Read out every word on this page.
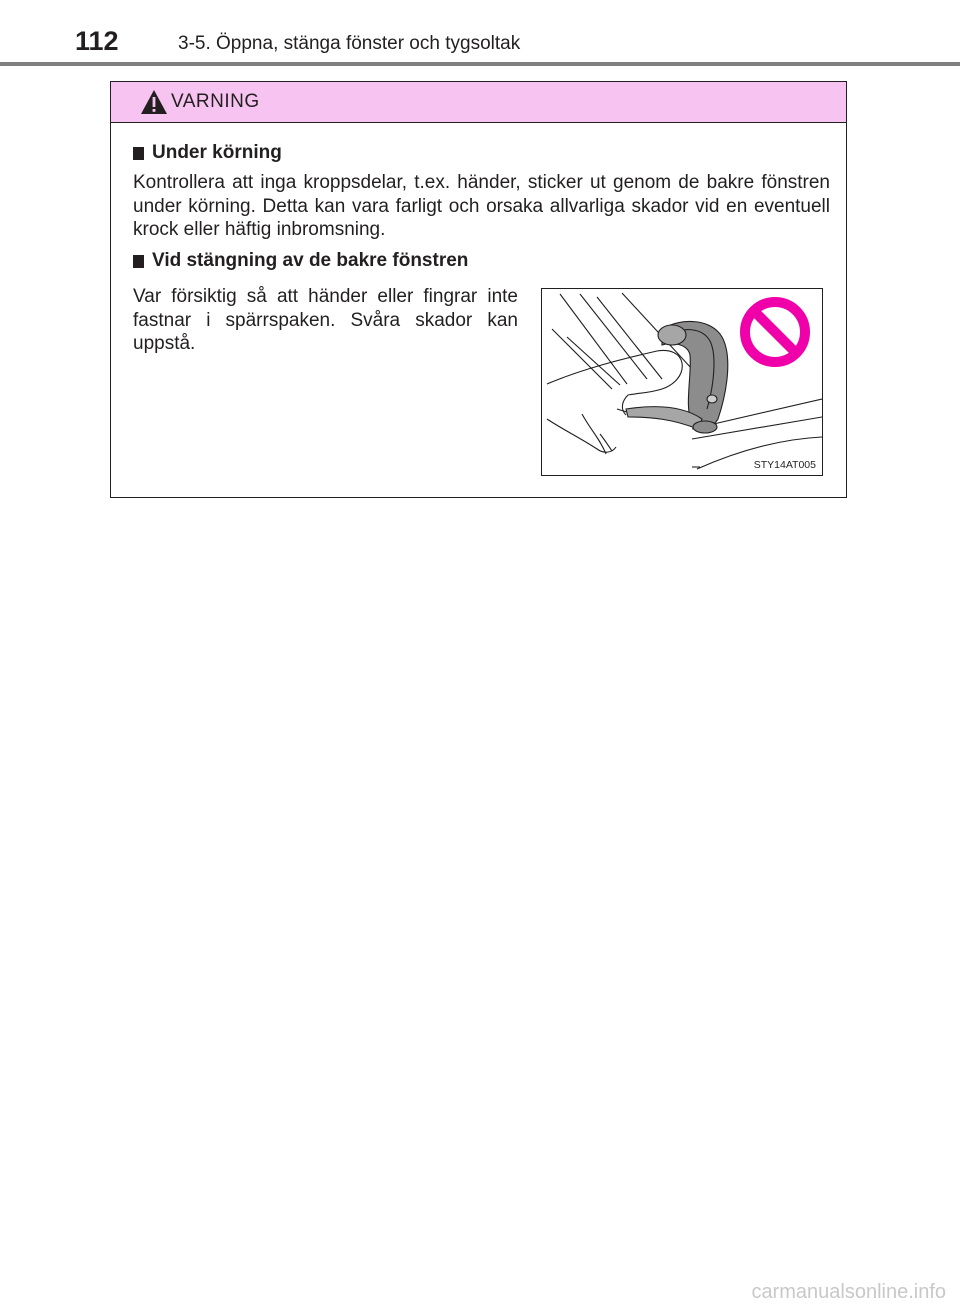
112	3-5. Öppna, stänga fönster och tygsoltak
VARNING
Under körning
Kontrollera att inga kroppsdelar, t.ex. händer, sticker ut genom de bakre fönstren under körning. Detta kan vara farligt och orsaka allvarliga skador vid en eventuell krock eller häftig inbromsning.
Vid stängning av de bakre fönstren
Var försiktig så att händer eller fingrar inte fastnar i spärrspaken. Svåra skador kan uppstå.
STY14AT005
carmanualsonline.info
